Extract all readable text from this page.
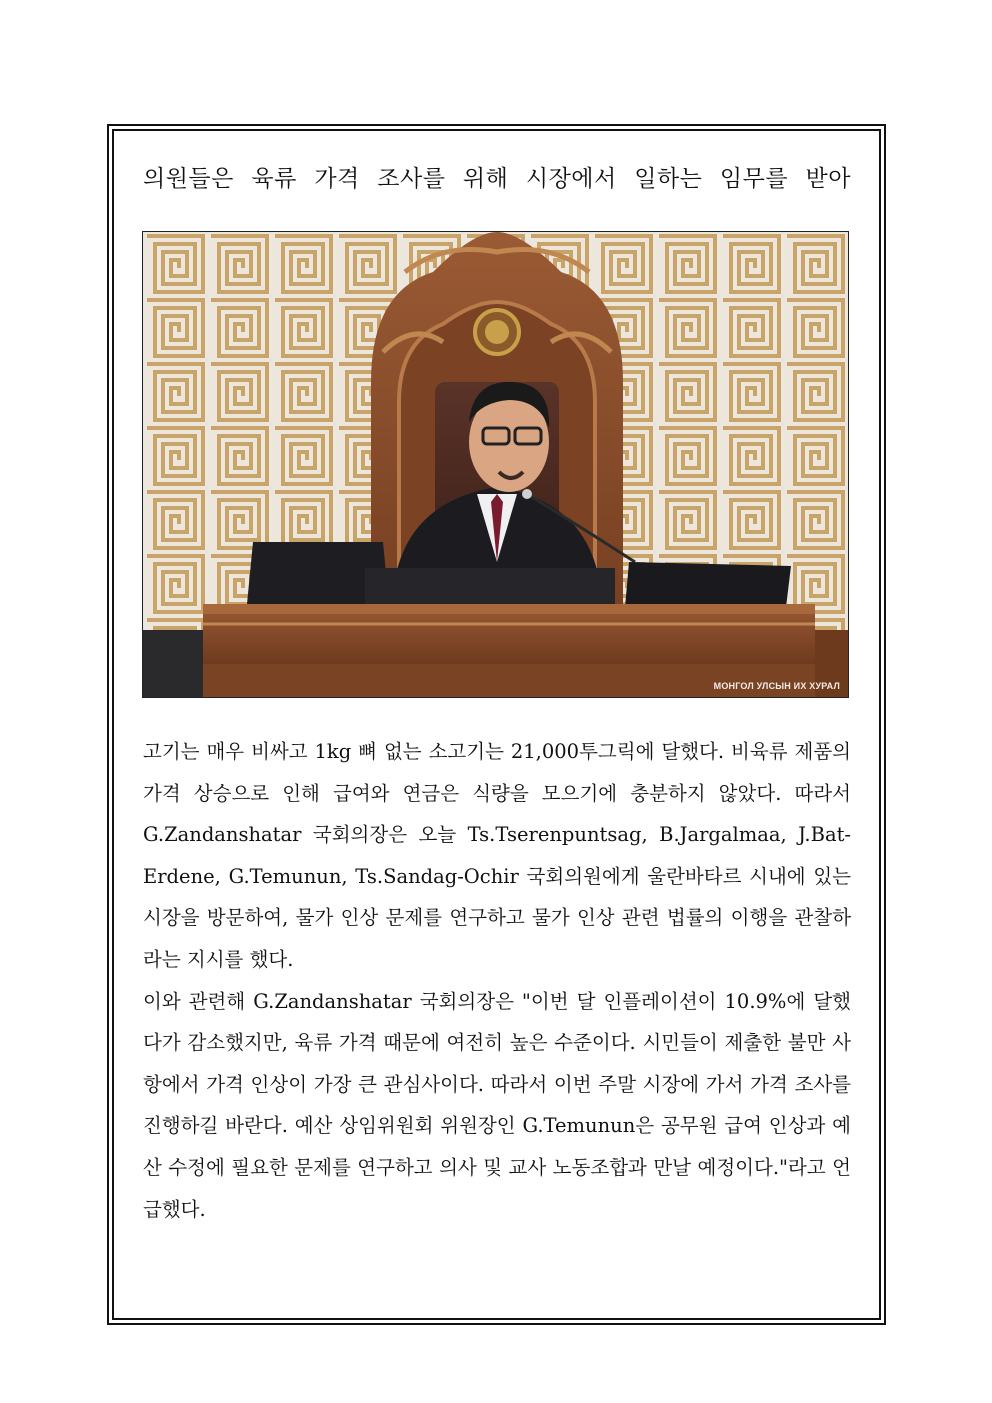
의원들은 육류 가격 조사를 위해 시장에서 일하는 임무를 받아
МОНГОЛ УЛСЫН ИХ ХУРАЛ

고기는 매우 비싸고 1kg 뼈 없는 소고기는 21,000투그릭에 달했다. 비육류 제품의 가격 상승으로 인해 급여와 연금은 식량을 모으기에 충분하지 않았다. 따라서 G.Zandanshatar 국회의장은 오늘 Ts.Tserenpuntsag, B.Jargalmaa, J.Bat-Erdene, G.Temunun, Ts.Sandag-Ochir 국회의원에게 울란바타르 시내에 있는 시장을 방문하여, 물가 인상 문제를 연구하고 물가 인상 관련 법률의 이행을 관찰하라는 지시를 했다.

이와 관련해 G.Zandanshatar 국회의장은 "이번 달 인플레이션이 10.9%에 달했다가 감소했지만, 육류 가격 때문에 여전히 높은 수준이다. 시민들이 제출한 불만 사항에서 가격 인상이 가장 큰 관심사이다. 따라서 이번 주말 시장에 가서 가격 조사를 진행하길 바란다. 예산 상임위원회 위원장인 G.Temunun은 공무원 급여 인상과 예산 수정에 필요한 문제를 연구하고 의사 및 교사 노동조합과 만날 예정이다."라고 언급했다.
